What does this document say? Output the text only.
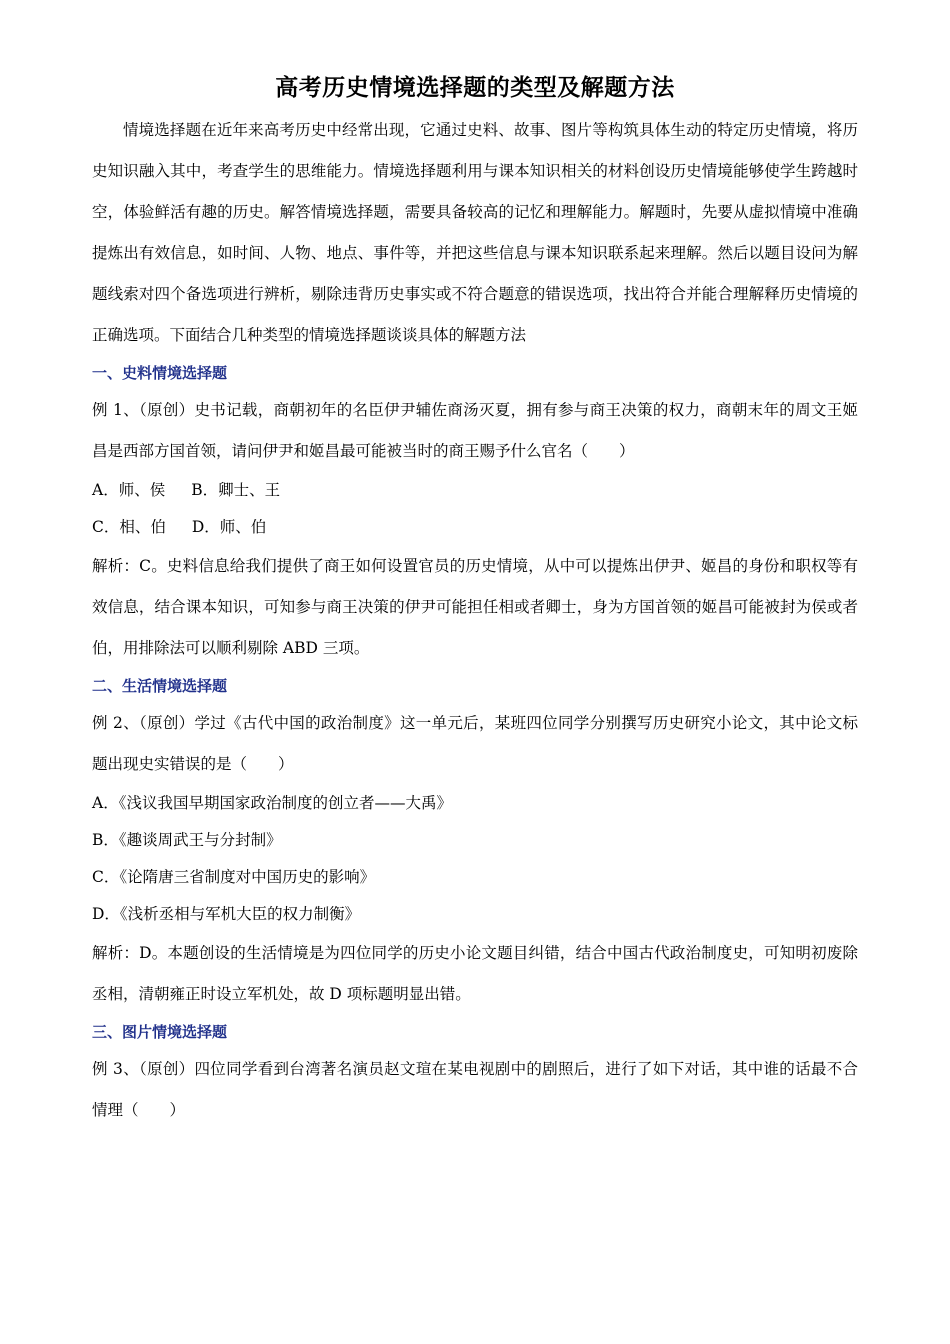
高考历史情境选择题的类型及解题方法

情境选择题在近年来高考历史中经常出现，它通过史料、故事、图片等构筑具体生动的特定历史情境，将历史知识融入其中，考查学生的思维能力。情境选择题利用与课本知识相关的材料创设历史情境能够使学生跨越时空，体验鲜活有趣的历史。解答情境选择题，需要具备较高的记忆和理解能力。解题时，先要从虚拟情境中准确提炼出有效信息，如时间、人物、地点、事件等，并把这些信息与课本知识联系起来理解。然后以题目设问为解题线索对四个备选项进行辨析，剔除违背历史事实或不符合题意的错误选项，找出符合并能合理解释历史情境的正确选项。下面结合几种类型的情境选择题谈谈具体的解题方法

一、史料情境选择题

例 1、（原创）史书记载，商朝初年的名臣伊尹辅佐商汤灭夏，拥有参与商王决策的权力，商朝末年的周文王姬昌是西部方国首领，请问伊尹和姬昌最可能被当时的商王赐予什么官名（　　）

A．师、侯 B．卿士、王

C．相、伯 D．师、伯

解析：C。史料信息给我们提供了商王如何设置官员的历史情境，从中可以提炼出伊尹、姬昌的身份和职权等有效信息，结合课本知识，可知参与商王决策的伊尹可能担任相或者卿士，身为方国首领的姬昌可能被封为侯或者伯，用排除法可以顺利剔除 ABD 三项。

二、生活情境选择题

例 2、（原创）学过《古代中国的政治制度》这一单元后，某班四位同学分别撰写历史研究小论文，其中论文标题出现史实错误的是（　　）

A．《浅议我国早期国家政治制度的创立者——大禹》

B．《趣谈周武王与分封制》

C．《论隋唐三省制度对中国历史的影响》

D．《浅析丞相与军机大臣的权力制衡》

解析：D。本题创设的生活情境是为四位同学的历史小论文题目纠错，结合中国古代政治制度史，可知明初废除丞相，清朝雍正时设立军机处，故 D 项标题明显出错。

三、图片情境选择题

例 3、（原创）四位同学看到台湾著名演员赵文瑄在某电视剧中的剧照后，进行了如下对话，其中谁的话最不合情理（　　）
